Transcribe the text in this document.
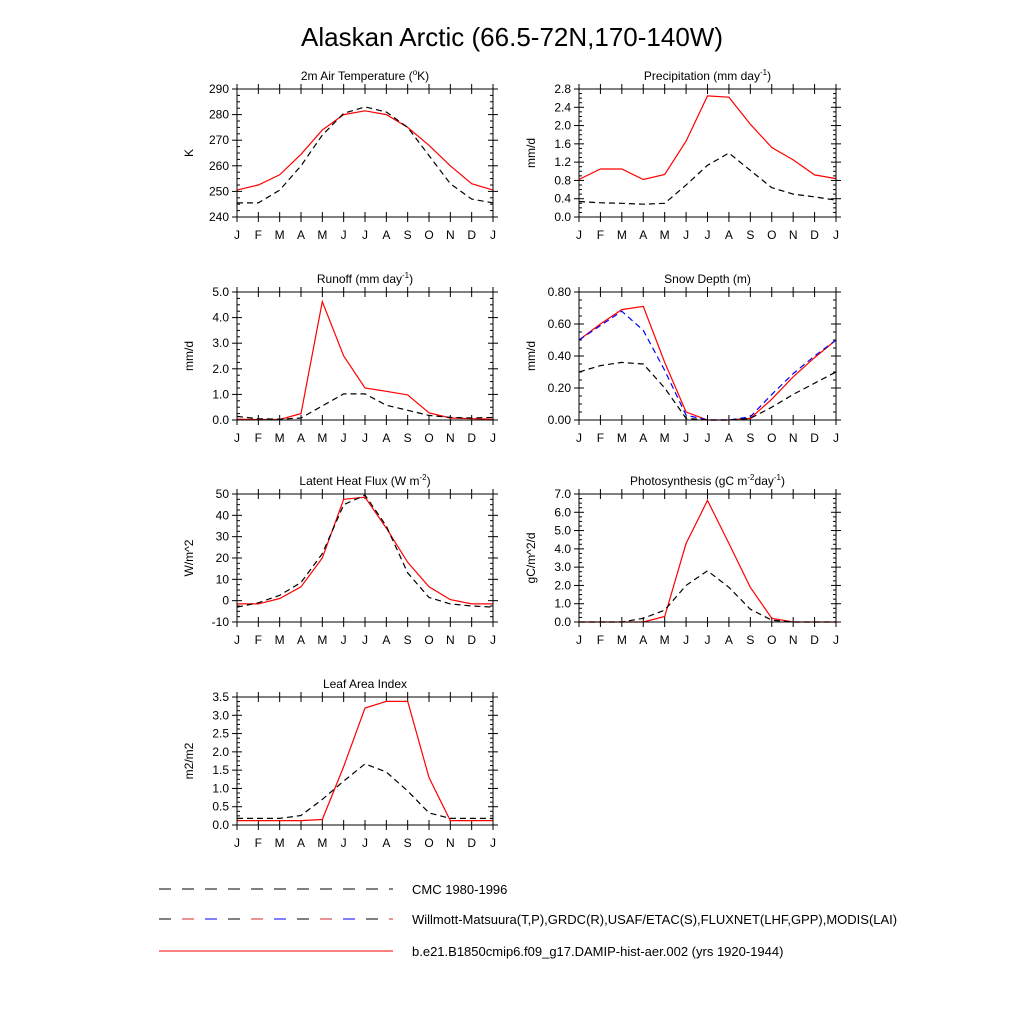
Alaskan Arctic (66.5-72N,170-140W)
2m Air Temperature ($^o$K)
K
240
250
260
270
280
290
J F M A M J J A S O N D J
Precipitation (mm day$^{-1}$)
mm/d
0.0
0.4
0.8
1.2
1.6
2.0
2.4
2.8
J F M A M J J A S O N D J
Runoff (mm day$^{-1}$)
mm/d
0.0
1.0
2.0
3.0
4.0
5.0
J F M A M J J A S O N D J
Snow Depth (m)
mm/d
0.00
0.20
0.40
0.60
0.80
J F M A M J J A S O N D J
Latent Heat Flux (W $m^{-2}$)
W/m^2
-10
0
10
20
30
40
50
J F M A M J J A S O N D J
Photosynthesis (gC $m^{-2}day^{-1}$)
gC/m^2/d
0.0
1.0
2.0
3.0
4.0
5.0
6.0
7.0
J F M A M J J A S O N D J
Leaf Area Index
m2/m2
0.0
0.5
1.0
1.5
2.0
2.5
3.0
3.5
J F M A M J J A S O N D J
CMC 1980-1996
Willmott-Matsuura(T,P),GRDC(R),USAF/ETAC(S),FLUXNET(LHF,GPP),MODIS(LAI)
b.e21.B1850cmip6.f09_g17.DAMIP-hist-aer.002 (yrs 1920-1944)
